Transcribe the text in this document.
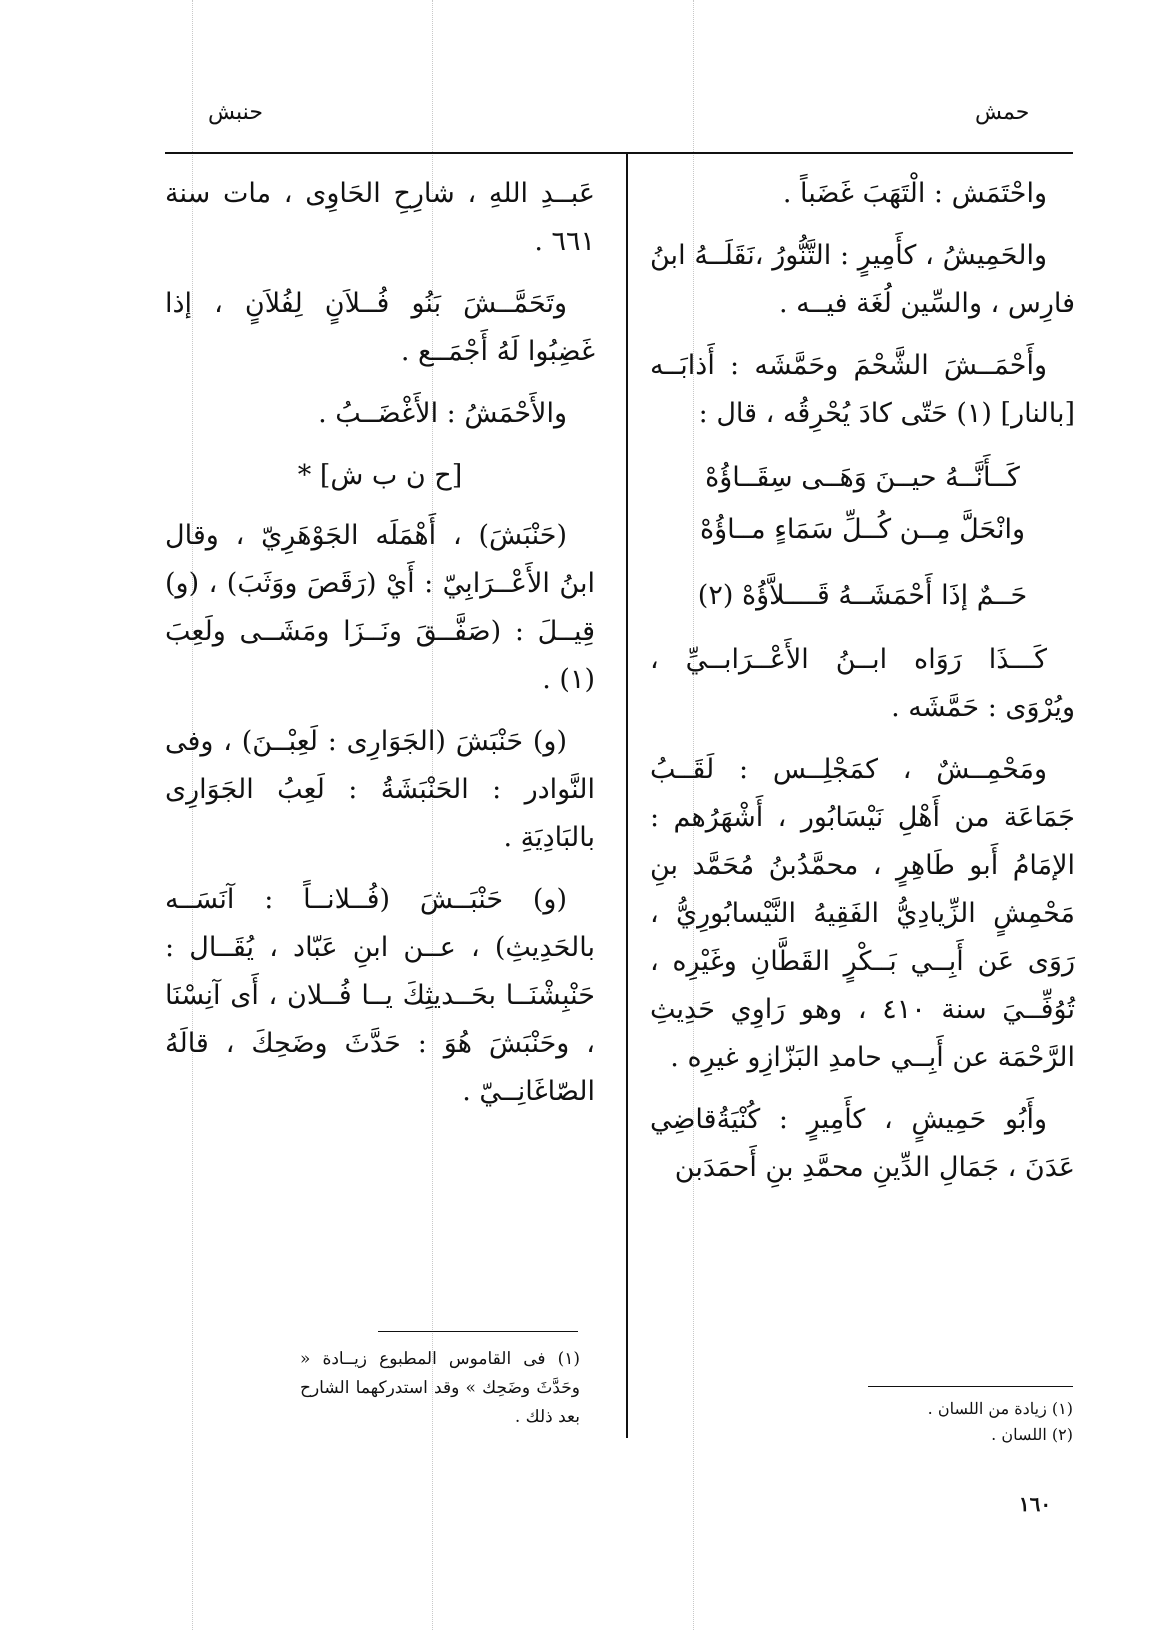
حمش
حنبش

واحْتَمَش : الْتَهَبَ غَضَباً .

والحَمِيشُ ، كأَمِيرٍ : التَّنُّورُ ،نَقَلَــهُ ابنُ فارِس ، والسِّين لُغَة فيــه .

وأَحْمَــشَ الشَّحْمَ وحَمَّشَه : أَذابَــه [بالنار] (١) حَتّى كادَ يُحْرِقُه ، قال :

كَــأَنَّــهُ حيــنَ وَهَــى سِقَــاؤُهْ

وانْحَلَّ مِــن كُــلِّ سَمَاءٍ مــاؤُهْ

حَــمٌ إذَا أَحْمَشَــهُ قَــــلاَّؤُهْ (٢)

كَـــذَا رَوَاه ابــنُ الأَعْــرَابــيِّ ، ويُرْوَى : حَمَّشَه .

ومَحْمِــشٌ ، كمَجْلِــس : لَقَــبُ جَمَاعَة من أَهْلِ نَيْسَابُور ، أَشْهَرُهم : الإمَامُ أَبو طَاهِرٍ ، محمَّدُبنُ مُحَمَّد بنِ مَحْمِشٍ الزِّيادِيُّ الفَقِيهُ النَّيْسابُورِيُّ ، رَوَى عَن أَبِــي بَــكْرٍ القَطَّانِ وغَيْرِه ، تُوُفِّــيَ سنة ٤١٠ ، وهو رَاوِي حَدِيثِ الرَّحْمَة عن أَبِــي حامدِ البَزّازِو غيرِه .

وأَبُو حَمِيشٍ ، كأَمِيرٍ : كُنْيَةُقاضِي عَدَنَ ، جَمَالِ الدِّينِ محمَّدِ بنِ أَحمَدَبن

(١) زيادة من اللسان .
(٢) اللسان .

عَبــدِ اللهِ ، شارِحِ الحَاوِى ، مات سنة ٦٦١ .

وتَحَمَّــشَ بَنُو فُــلاَنٍ لِفُلاَنٍ ، إذا غَضِبُوا لَهُ أَجْمَــع .

والأَحْمَشُ : الأَغْضَــبُ .

[ح ن ب ش] *

(حَنْبَشَ) ، أَهْمَلَه الجَوْهَرِيّ ، وقال ابنُ الأَعْــرَابِيّ : أَيْ (رَقَصَ ووَثَبَ) ، (و) قِيــلَ : (صَفَّــقَ ونَــزَا ومَشَــى ولَعِبَ (١) .

(و) حَنْبَشَ (الجَوَارِى : لَعِبْــنَ) ، وفى النَّوادر : الحَنْبَشَةُ : لَعِبُ الجَوَارِى بالبَادِيَةِ .

(و) حَنْبَــشَ (فُــلانــاً : آنَسَــه بالحَدِيثِ) ، عــن ابنِ عَبّاد ، يُقَــال : حَنْبِشْنَــا بحَــديثِكَ يــا فُــلان ، أَى آنِسْنَا ، وحَنْبَشَ هُوَ : حَدَّثَ وضَحِكَ ، قالَهُ الصّاغَانِــيّ .

(١) فى القاموس المطبوع زيــادة « وحَدَّثَ وضَحِك » وقد استدركهما الشارح بعد ذلك .
١٦٠
